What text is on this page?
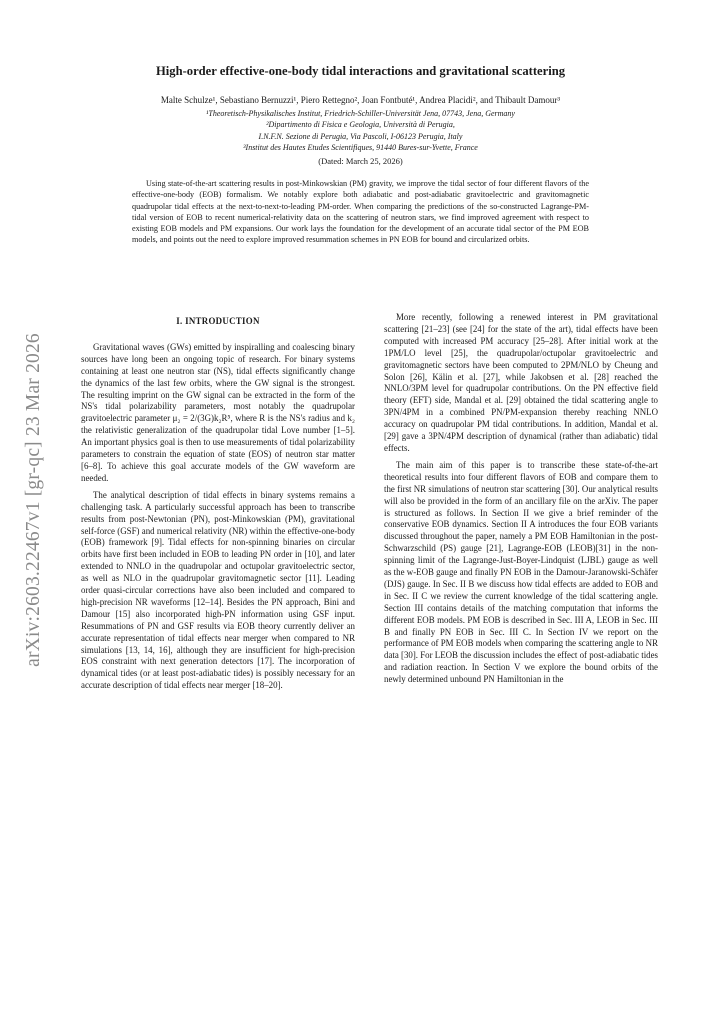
arXiv:2603.22467v1 [gr-qc] 23 Mar 2026
High-order effective-one-body tidal interactions and gravitational scattering
Malte Schulze¹, Sebastiano Bernuzzi¹, Piero Rettegno², Joan Fontbuté¹, Andrea Placidi², and Thibault Damour³
¹Theoretisch-Physikalisches Institut, Friedrich-Schiller-Universität Jena, 07743, Jena, Germany
²Dipartimento di Fisica e Geologia, Università di Perugia,
I.N.F.N. Sezione di Perugia, Via Pascoli, I-06123 Perugia, Italy
³Institut des Hautes Etudes Scientifiques, 91440 Bures-sur-Yvette, France
(Dated: March 25, 2026)
Using state-of-the-art scattering results in post-Minkowskian (PM) gravity, we improve the tidal sector of four different flavors of the effective-one-body (EOB) formalism. We notably explore both adiabatic and post-adiabatic gravitoelectric and gravitomagnetic quadrupolar tidal effects at the next-to-next-to-leading PM-order. When comparing the predictions of the so-constructed Lagrange-PM-tidal version of EOB to recent numerical-relativity data on the scattering of neutron stars, we find improved agreement with respect to existing EOB models and PM expansions. Our work lays the foundation for the development of an accurate tidal sector of the PM EOB models, and points out the need to explore improved resummation schemes in PN EOB for bound and circularized orbits.
I. INTRODUCTION

Gravitational waves (GWs) emitted by inspiralling and coalescing binary sources have long been an ongoing topic of research. For binary systems containing at least one neutron star (NS), tidal effects significantly change the dynamics of the last few orbits, where the GW signal is the strongest. The resulting imprint on the GW signal can be extracted in the form of the NS's tidal polarizability parameters, most notably the quadrupolar gravitoelectric parameter μ₂ = 2/(3G)k₂R⁵, where R is the NS's radius and k₂ the relativistic generalization of the quadrupolar tidal Love number [1–5]. An important physics goal is then to use measurements of tidal polarizability parameters to constrain the equation of state (EOS) of neutron star matter [6–8]. To achieve this goal accurate models of the GW waveform are needed.

The analytical description of tidal effects in binary systems remains a challenging task. A particularly successful approach has been to transcribe results from post-Newtonian (PN), post-Minkowskian (PM), gravitational self-force (GSF) and numerical relativity (NR) within the effective-one-body (EOB) framework [9]. Tidal effects for non-spinning binaries on circular orbits have first been included in EOB to leading PN order in [10], and later extended to NNLO in the quadrupolar and octupolar gravitoelectric sector, as well as NLO in the quadrupolar gravitomagnetic sector [11]. Leading order quasi-circular corrections have also been included and compared to high-precision NR waveforms [12–14]. Besides the PN approach, Bini and Damour [15] also incorporated high-PN information using GSF input. Resummations of PN and GSF results via EOB theory currently deliver an accurate representation of tidal effects near merger when compared to NR simulations [13, 14, 16], although they are insufficient for high-precision EOS constraint with next generation detectors [17]. The incorporation of dynamical tides (or at least post-adiabatic tides) is possibly necessary for an accurate description of tidal effects near merger [18–20].

More recently, following a renewed interest in PM gravitational scattering [21–23] (see [24] for the state of the art), tidal effects have been computed with increased PM accuracy [25–28]. After initial work at the 1PM/LO level [25], the quadrupolar/octupolar gravitoelectric and gravitomagnetic sectors have been computed to 2PM/NLO by Cheung and Solon [26], Kälin et al. [27], while Jakobsen et al. [28] reached the NNLO/3PM level for quadrupolar contributions. On the PN effective field theory (EFT) side, Mandal et al. [29] obtained the tidal scattering angle to 3PN/4PM in a combined PN/PM-expansion thereby reaching NNLO accuracy on quadrupolar PM tidal contributions. In addition, Mandal et al. [29] gave a 3PN/4PM description of dynamical (rather than adiabatic) tidal effects.

The main aim of this paper is to transcribe these state-of-the-art theoretical results into four different flavors of EOB and compare them to the first NR simulations of neutron star scattering [30]. Our analytical results will also be provided in the form of an ancillary file on the arXiv. The paper is structured as follows. In Section II we give a brief reminder of the conservative EOB dynamics. Section II A introduces the four EOB variants discussed throughout the paper, namely a PM EOB Hamiltonian in the post-Schwarzschild (PS) gauge [21], Lagrange-EOB (LEOB)[31] in the non-spinning limit of the Lagrange-Just-Boyer-Lindquist (LJBL) gauge as well as the w-EOB gauge and finally PN EOB in the Damour-Jaranowski-Schäfer (DJS) gauge. In Sec. II B we discuss how tidal effects are added to EOB and in Sec. II C we review the current knowledge of the tidal scattering angle. Section III contains details of the matching computation that informs the different EOB models. PM EOB is described in Sec. III A, LEOB in Sec. III B and finally PN EOB in Sec. III C. In Section IV we report on the performance of PM EOB models when comparing the scattering angle to NR data [30]. For LEOB the discussion includes the effect of post-adiabatic tides and radiation reaction. In Section V we explore the bound orbits of the newly determined unbound PN Hamiltonian in the
